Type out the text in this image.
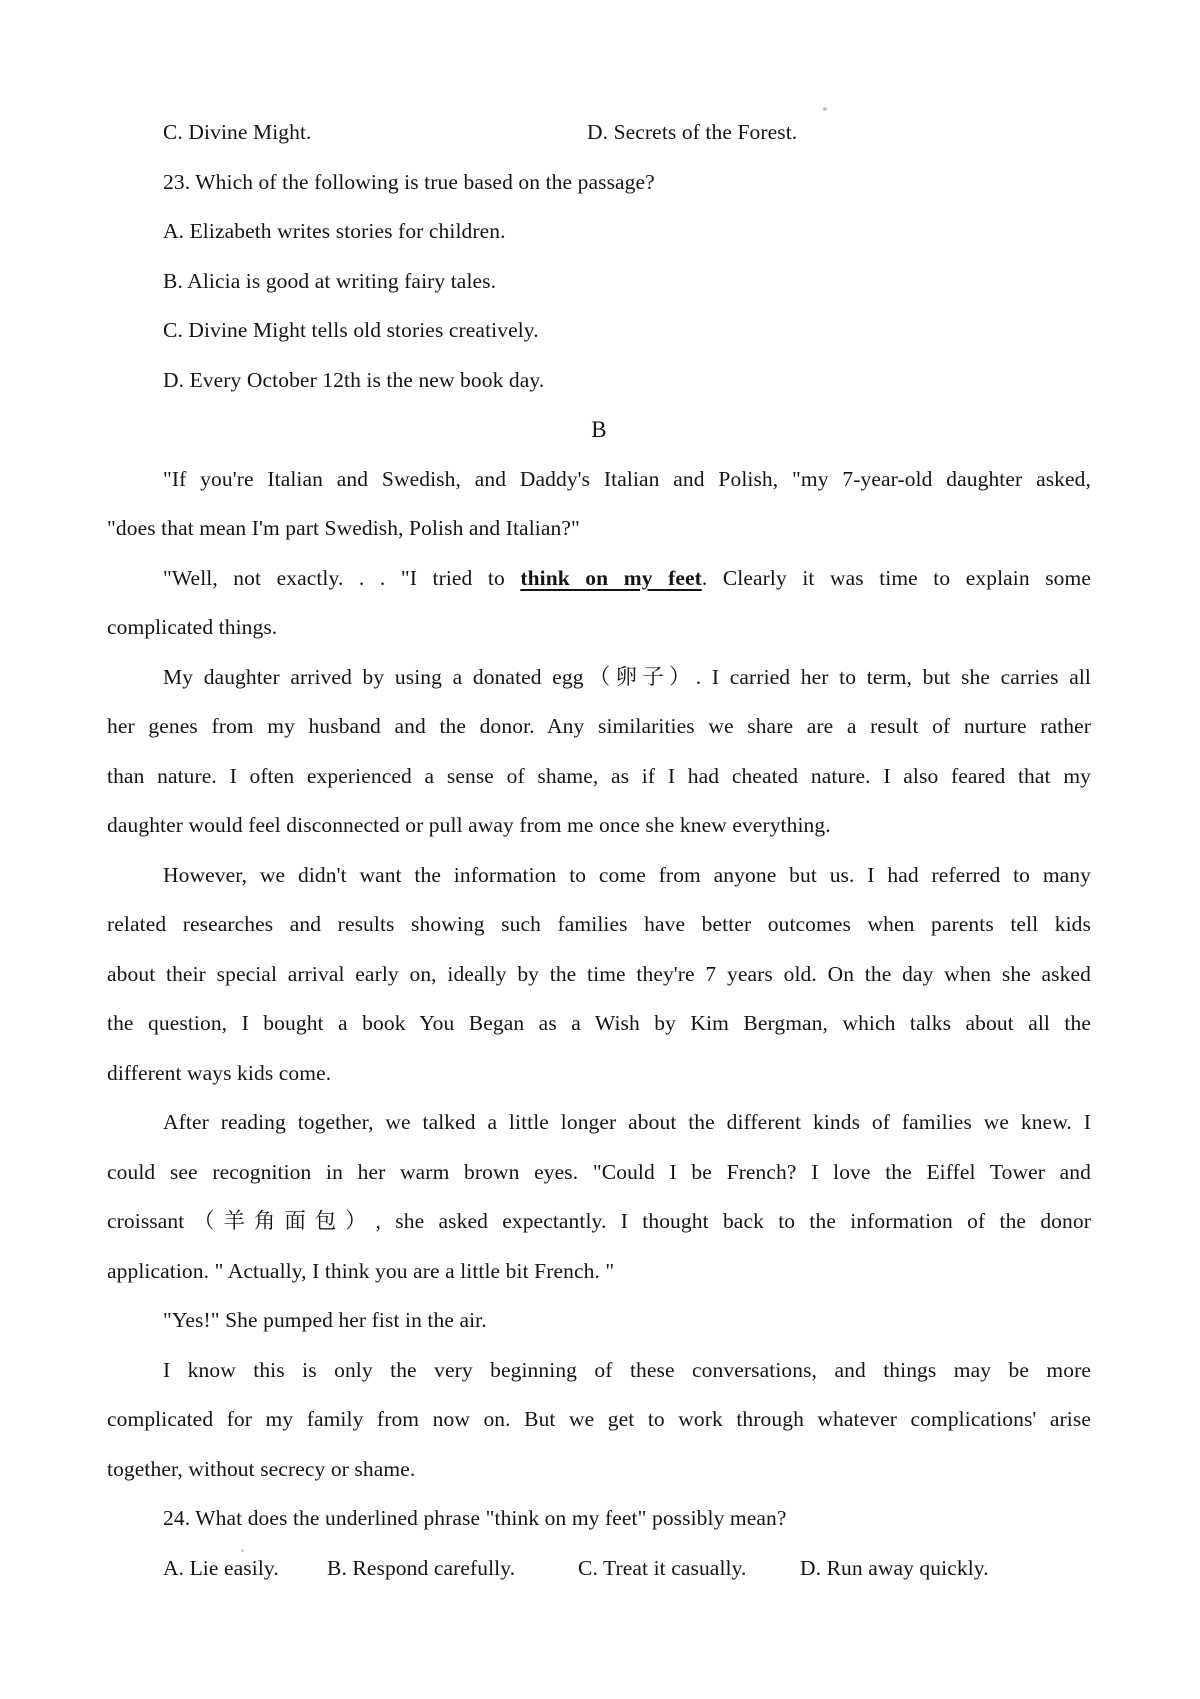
C. Divine Might.	D. Secrets of the Forest.
23. Which of the following is true based on the passage?
A. Elizabeth writes stories for children.
B. Alicia is good at writing fairy tales.
C. Divine Might tells old stories creatively.
D. Every October 12th is the new book day.
B
"If you're Italian and Swedish, and Daddy's Italian and Polish, "my 7-year-old daughter asked,
"does that mean I'm part Swedish, Polish and Italian?"
"Well, not exactly. . . "I tried to think on my feet. Clearly it was time to explain some
complicated things.
My daughter arrived by using a donated egg（卵子）. I carried her to term, but she carries all
her genes from my husband and the donor. Any similarities we share are a result of nurture rather
than nature. I often experienced a sense of shame, as if I had cheated nature. I also feared that my
daughter would feel disconnected or pull away from me once she knew everything.
However, we didn't want the information to come from anyone but us. I had referred to many
related researches and results showing such families have better outcomes when parents tell kids
about their special arrival early on, ideally by the time they're 7 years old. On the day when she asked
the question, I bought a book You Began as a Wish by Kim Bergman, which talks about all the
different ways kids come.
After reading together, we talked a little longer about the different kinds of families we knew. I
could see recognition in her warm brown eyes. "Could I be French? I love the Eiffel Tower and
croissant（羊角面包）, she asked expectantly. I thought back to the information of the donor
application. " Actually, I think you are a little bit French. "
"Yes!" She pumped her fist in the air.
I know this is only the very beginning of these conversations, and things may be more
complicated for my family from now on. But we get to work through whatever complications' arise
together, without secrecy or shame.
24. What does the underlined phrase "think on my feet" possibly mean?
A. Lie easily. B. Respond carefully.	C. Treat it casually. D. Run away quickly.
